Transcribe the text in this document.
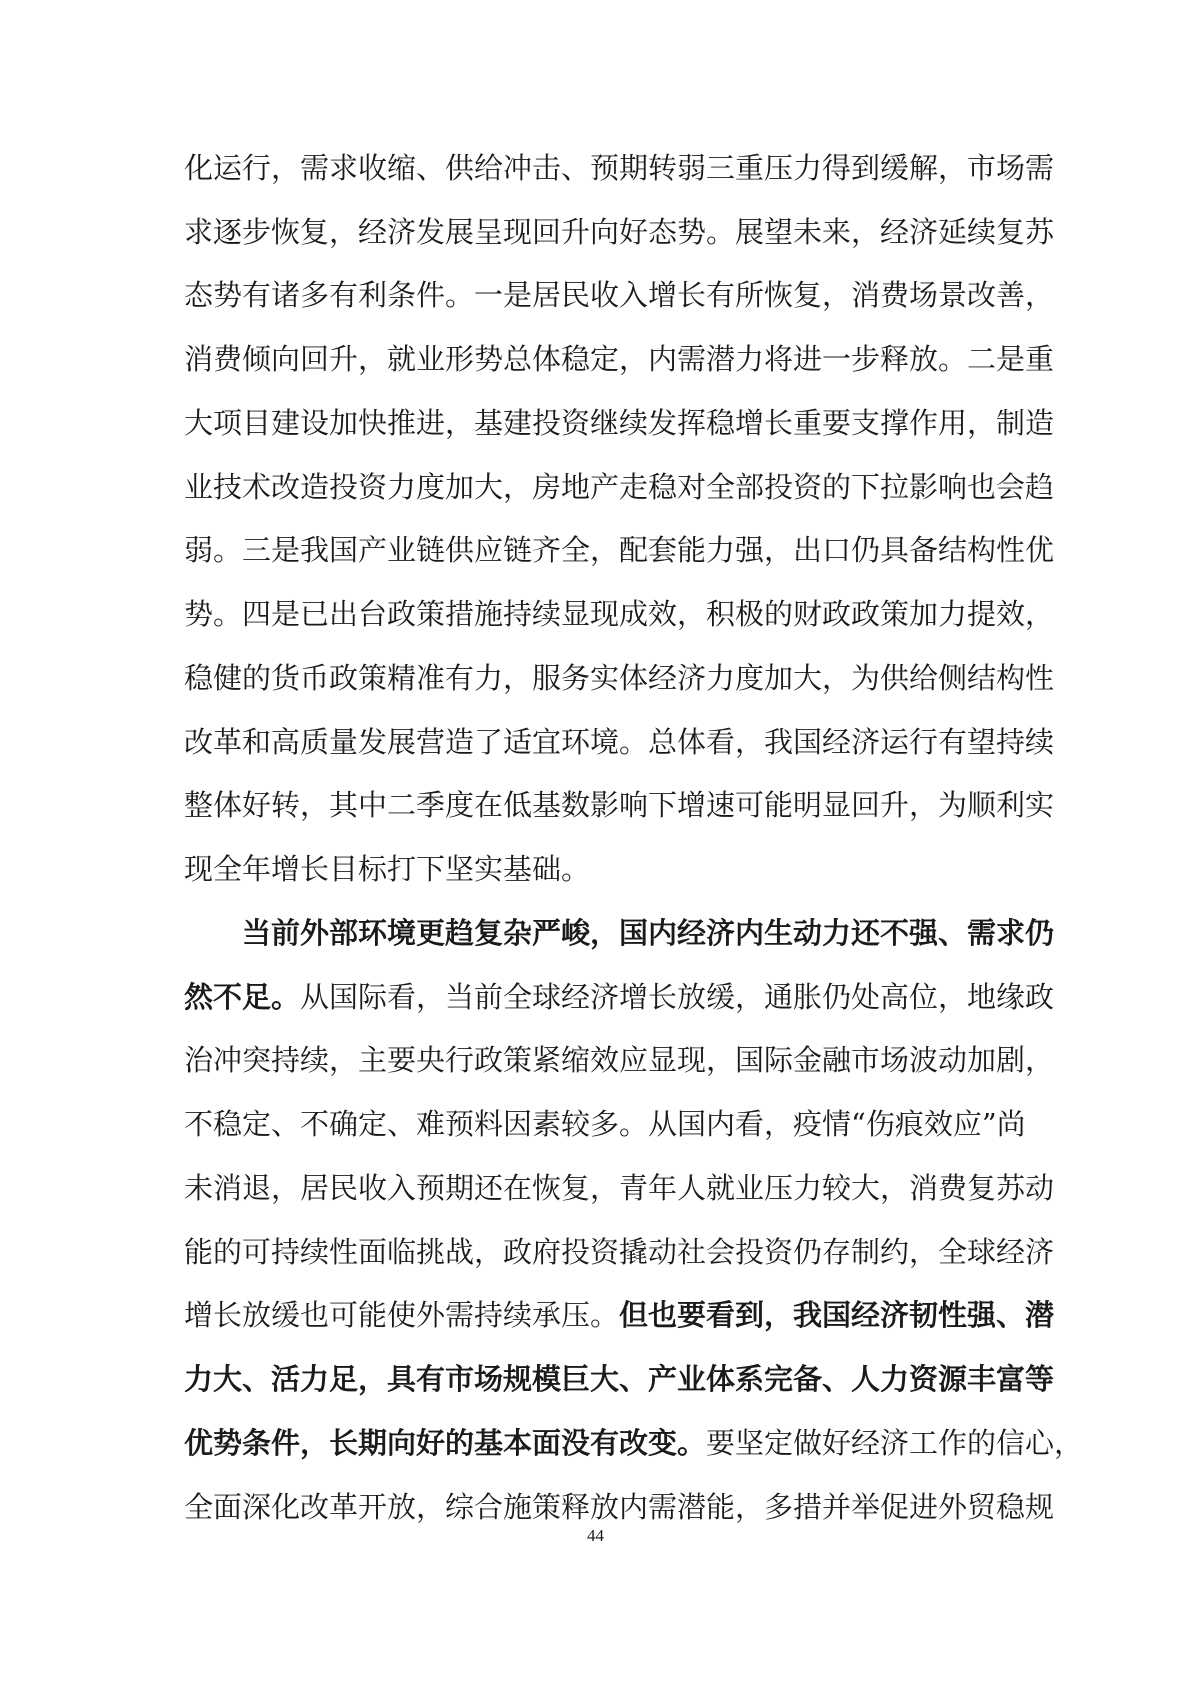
化运行，需求收缩、供给冲击、预期转弱三重压力得到缓解，市场需
求逐步恢复，经济发展呈现回升向好态势。展望未来，经济延续复苏
态势有诸多有利条件。一是居民收入增长有所恢复，消费场景改善，
消费倾向回升，就业形势总体稳定，内需潜力将进一步释放。二是重
大项目建设加快推进，基建投资继续发挥稳增长重要支撑作用，制造
业技术改造投资力度加大，房地产走稳对全部投资的下拉影响也会趋
弱。三是我国产业链供应链齐全，配套能力强，出口仍具备结构性优
势。四是已出台政策措施持续显现成效，积极的财政政策加力提效，
稳健的货币政策精准有力，服务实体经济力度加大，为供给侧结构性
改革和高质量发展营造了适宜环境。总体看，我国经济运行有望持续
整体好转，其中二季度在低基数影响下增速可能明显回升，为顺利实
现全年增长目标打下坚实基础。
当前外部环境更趋复杂严峻，国内经济内生动力还不强、需求仍
然不足。从国际看，当前全球经济增长放缓，通胀仍处高位，地缘政
治冲突持续，主要央行政策紧缩效应显现，国际金融市场波动加剧，
不稳定、不确定、难预料因素较多。从国内看，疫情“伤痕效应”尚
未消退，居民收入预期还在恢复，青年人就业压力较大，消费复苏动
能的可持续性面临挑战，政府投资撬动社会投资仍存制约，全球经济
增长放缓也可能使外需持续承压。但也要看到，我国经济韧性强、潜
力大、活力足，具有市场规模巨大、产业体系完备、人力资源丰富等
优势条件，长期向好的基本面没有改变。要坚定做好经济工作的信心，
全面深化改革开放，综合施策释放内需潜能，多措并举促进外贸稳规
44
